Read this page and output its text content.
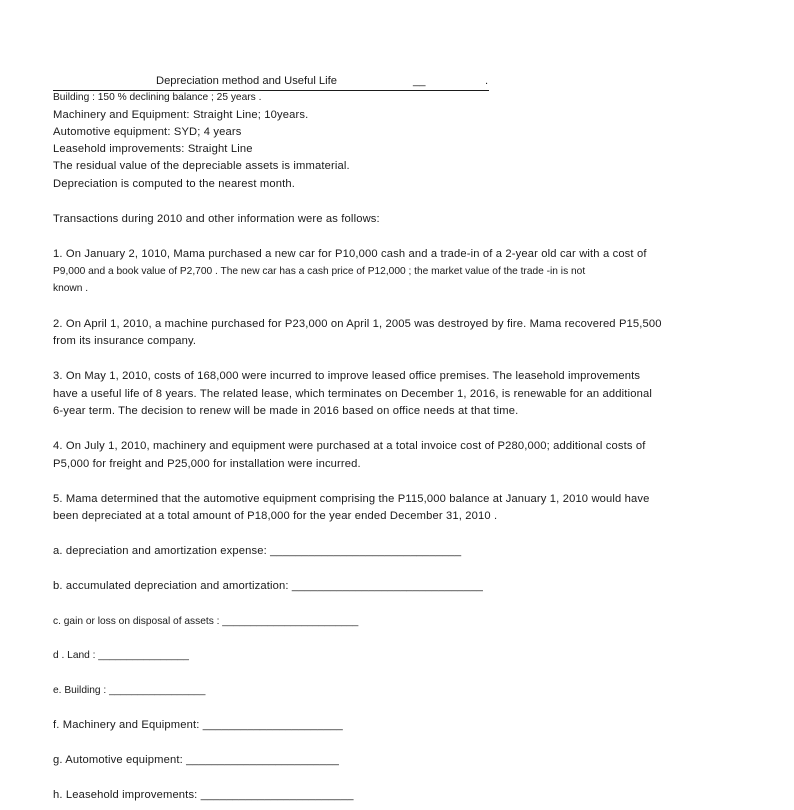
Depreciation method and Useful Life	__	.
Building : 150 % declining balance ; 25 years .
Machinery and Equipment: Straight Line; 10years.
Automotive equipment: SYD; 4 years
Leasehold improvements: Straight Line
The residual value of the depreciable assets is immaterial.
Depreciation is computed to the nearest month.
Transactions during 2010 and other information were as follows:
1. On January 2, 1010, Mama purchased a new car for P10,000 cash and a trade-in of a 2-year old car with a cost of
P9,000 and a book value of P2,700 . The new car has a cash price of P12,000 ; the market value of the trade -in is not
known .
2. On April 1, 2010, a machine purchased for P23,000 on April 1, 2005 was destroyed by fire. Mama recovered P15,500
from its insurance company.
3. On May 1, 2010, costs of 168,000 were incurred to improve leased office premises. The leasehold improvements
have a useful life of 8 years. The related lease, which terminates on December 1, 2016, is renewable for an additional
6-year term. The decision to renew will be made in 2016 based on office needs at that time.
4. On July 1, 2010, machinery and equipment were purchased at a total invoice cost of P280,000; additional costs of
P5,000 for freight and P25,000 for installation were incurred.
5. Mama determined that the automotive equipment comprising the P115,000 balance at January 1, 2010 would have
been depreciated at a total amount of P18,000 for the year ended December 31, 2010 .
a. depreciation and amortization expense: ______________________________
b. accumulated depreciation and amortization: ______________________________
c. gain or loss on disposal of assets : ________________________
d . Land : ________________
e. Building : _________________
f. Machinery and Equipment: ______________________
g. Automotive equipment: ________________________
h. Leasehold improvements: ________________________
